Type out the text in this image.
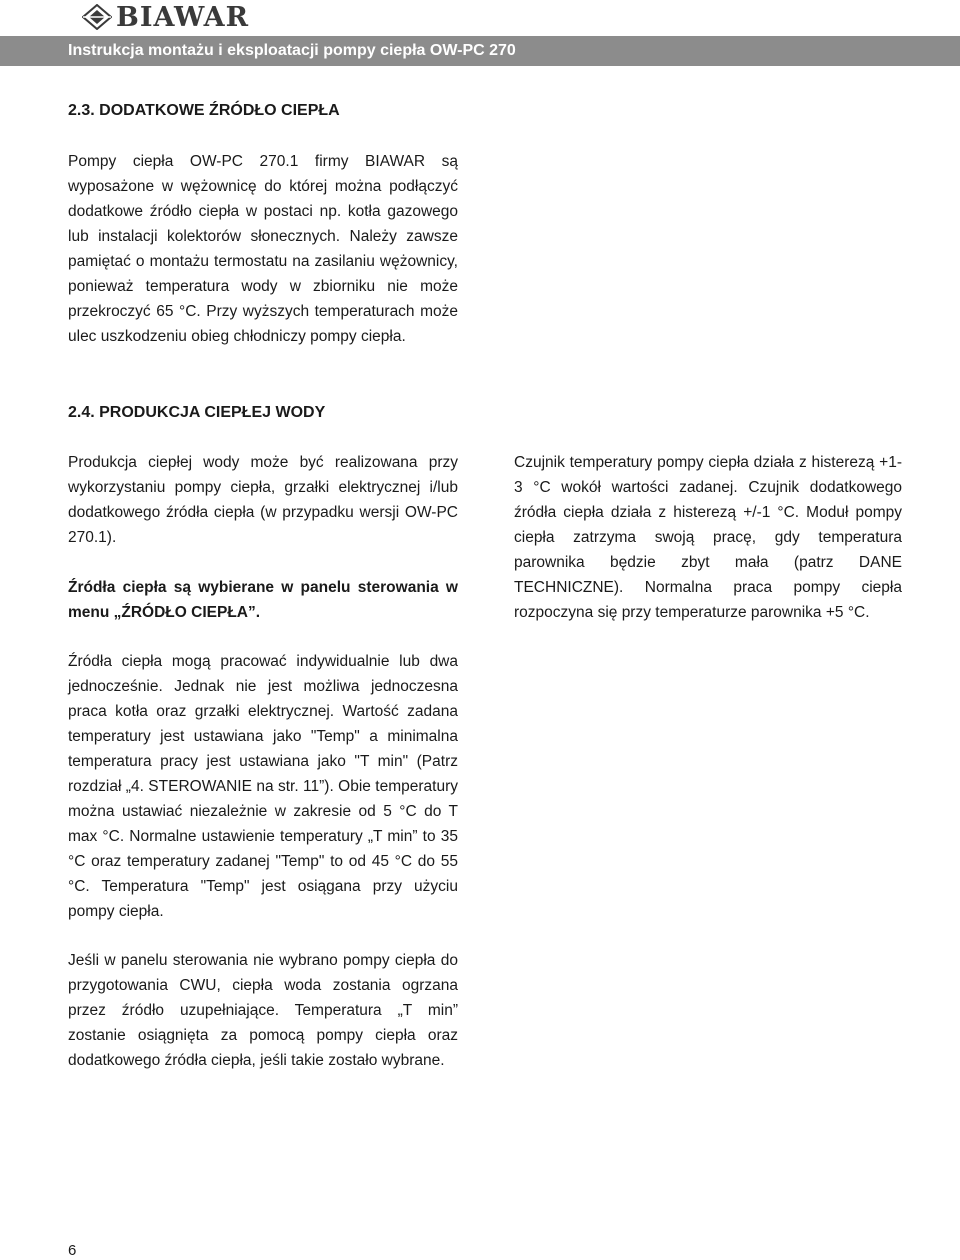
BIAWAR
Instrukcja montażu i eksploatacji pompy ciepła OW-PC 270
2.3. DODATKOWE ŹRÓDŁO CIEPŁA
Pompy ciepła OW-PC 270.1 firmy BIAWAR są wyposażone w wężownicę do której można podłączyć dodatkowe źródło ciepła w postaci np. kotła gazowego lub instalacji kolektorów słonecznych. Należy zawsze pamiętać o montażu termostatu na zasilaniu wężownicy, ponieważ temperatura wody w zbiorniku nie może przekroczyć 65 °C. Przy wyższych temperaturach może ulec uszkodzeniu obieg chłodniczy pompy ciepła.
2.4. PRODUKCJA CIEPŁEJ WODY
Produkcja ciepłej wody może być realizowana przy wykorzystaniu pompy ciepła, grzałki elektrycznej i/lub dodatkowego źródła ciepła (w przypadku wersji OW-PC 270.1).
Źródła ciepła są wybierane w panelu sterowania w menu „ŹRÓDŁO CIEPŁA”.
Źródła ciepła mogą pracować indywidualnie lub dwa jednocześnie. Jednak nie jest możliwa jednoczesna praca kotła oraz grzałki elektrycznej. Wartość zadana temperatury jest ustawiana jako "Temp" a minimalna temperatura pracy jest ustawiana jako "T min" (Patrz rozdział „4. STEROWANIE na str. 11”). Obie temperatury można ustawiać niezależnie w zakresie od 5 °C do T max °C. Normalne ustawienie temperatury „T min” to 35 °C oraz temperatury zadanej "Temp" to od 45 °C do 55 °C. Temperatura "Temp" jest osiągana przy użyciu pompy ciepła.
Jeśli w panelu sterowania nie wybrano pompy ciepła do przygotowania CWU, ciepła woda zostania ogrzana przez źródło uzupełniające. Temperatura „T min” zostanie osiągnięta za pomocą pompy ciepła oraz dodatkowego źródła ciepła, jeśli takie zostało wybrane.
Czujnik temperatury pompy ciepła działa z histerezą +1-3 °C wokół wartości zadanej. Czujnik dodatkowego źródła ciepła działa z histerezą +/-1 °C. Moduł pompy ciepła zatrzyma swoją pracę, gdy temperatura parownika będzie zbyt mała (patrz DANE TECHNICZNE). Normalna praca pompy ciepła rozpoczyna się przy temperaturze parownika +5 °C.
6
